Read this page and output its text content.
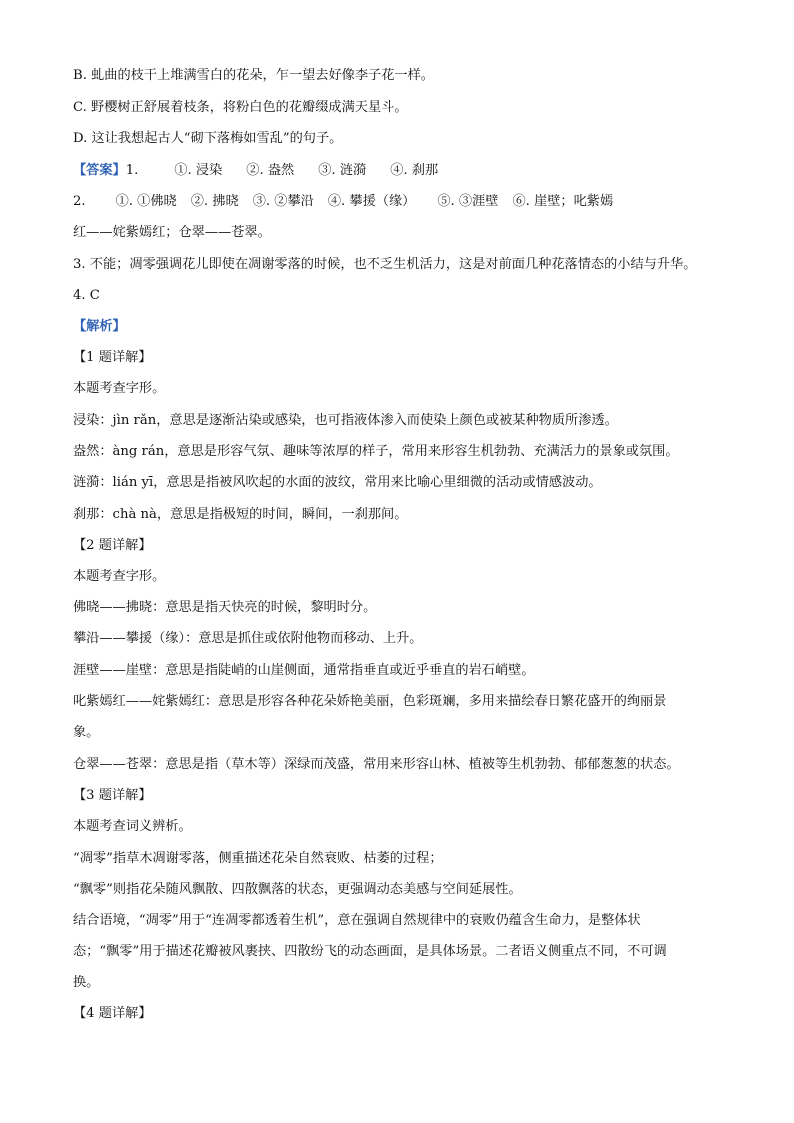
B. 虬曲的枝干上堆满雪白的花朵，乍一望去好像李子花一样。
C. 野樱树正舒展着枝条，将粉白色的花瓣缀成满天星斗。
D. 这让我想起古人“砌下落梅如雪乱”的句子。
【答案】1.	①. 浸染 ②. 盎然 ③. 涟漪 ④. 刹那
2. ①. ①佛晓 ②. 拂晓 ③. ②攀沿 ④. 攀援（缘） ⑤. ③涯壁 ⑥. 崖壁；叱紫嫣
红——姹紫嫣红；仓翠——苍翠。
3. 不能；凋零强调花儿即使在凋谢零落的时候，也不乏生机活力，这是对前面几种花落情态的小结与升华。
4. C
【解析】
【1 题详解】
本题考查字形。
浸染：jìn rǎn，意思是逐渐沾染或感染，也可指液体渗入而使染上颜色或被某种物质所渗透。
盎然：àng rán，意思是形容气氛、趣味等浓厚的样子，常用来形容生机勃勃、充满活力的景象或氛围。
涟漪：lián yī，意思是指被风吹起的水面的波纹，常用来比喻心里细微的活动或情感波动。
刹那：chà nà，意思是指极短的时间，瞬间，一刹那间。
【2 题详解】
本题考查字形。
佛晓——拂晓：意思是指天快亮的时候，黎明时分。
攀沿——攀援（缘）：意思是抓住或依附他物而移动、上升。
涯壁——崖壁：意思是指陡峭的山崖侧面，通常指垂直或近乎垂直的岩石峭壁。
叱紫嫣红——姹紫嫣红：意思是形容各种花朵娇艳美丽，色彩斑斓，多用来描绘春日繁花盛开的绚丽景
象。
仓翠——苍翠：意思是指（草木等）深绿而茂盛，常用来形容山林、植被等生机勃勃、郁郁葱葱的状态。
【3 题详解】
本题考查词义辨析。
“凋零”指草木凋谢零落，侧重描述花朵自然衰败、枯萎的过程；
“飘零”则指花朵随风飘散、四散飘落的状态，更强调动态美感与空间延展性。
结合语境，“凋零”用于“连凋零都透着生机”，意在强调自然规律中的衰败仍蕴含生命力，是整体状
态；“飘零”用于描述花瓣被风裹挟、四散纷飞的动态画面，是具体场景。二者语义侧重点不同，不可调
换。
【4 题详解】
